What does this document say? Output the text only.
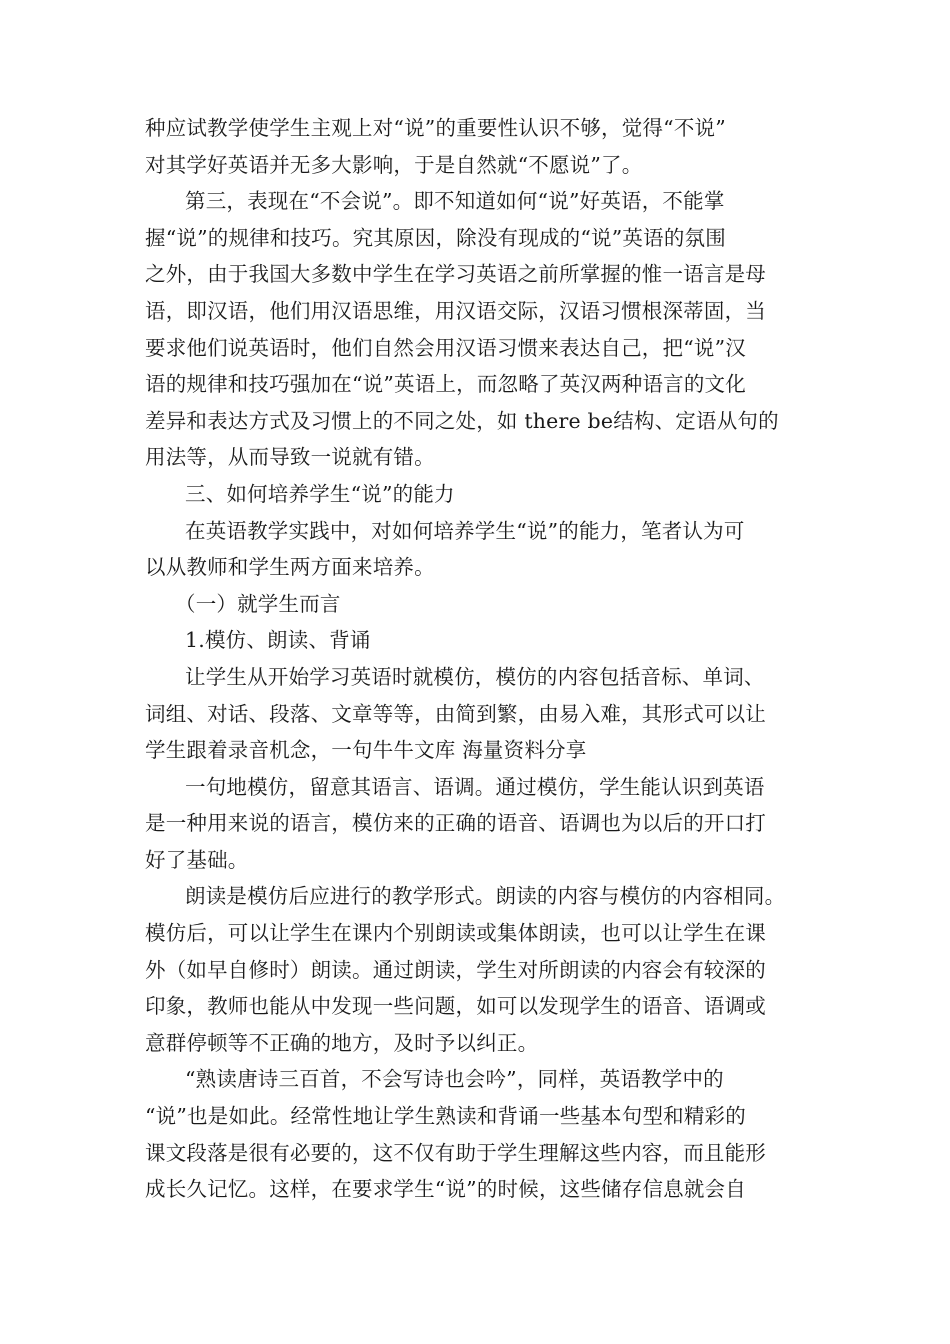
种应试教学使学生主观上对“说”的重要性认识不够，觉得“不说”
对其学好英语并无多大影响，于是自然就“不愿说”了。
第三，表现在“不会说”。即不知道如何“说”好英语，不能掌
握“说”的规律和技巧。究其原因，除没有现成的“说”英语的氛围
之外，由于我国大多数中学生在学习英语之前所掌握的惟一语言是母
语，即汉语，他们用汉语思维，用汉语交际，汉语习惯根深蒂固，当
要求他们说英语时，他们自然会用汉语习惯来表达自己，把“说”汉
语的规律和技巧强加在“说”英语上，而忽略了英汉两种语言的文化
差异和表达方式及习惯上的不同之处，如 there be结构、定语从句的
用法等，从而导致一说就有错。
三、如何培养学生“说”的能力
在英语教学实践中，对如何培养学生“说”的能力，笔者认为可
以从教师和学生两方面来培养。
（一）就学生而言
1.模仿、朗读、背诵
让学生从开始学习英语时就模仿，模仿的内容包括音标、单词、
词组、对话、段落、文章等等，由简到繁，由易入难，其形式可以让
学生跟着录音机念，一句牛牛文库 海量资料分享
一句地模仿，留意其语言、语调。通过模仿，学生能认识到英语
是一种用来说的语言，模仿来的正确的语音、语调也为以后的开口打
好了基础。
朗读是模仿后应进行的教学形式。朗读的内容与模仿的内容相同。
模仿后，可以让学生在课内个别朗读或集体朗读，也可以让学生在课
外（如早自修时）朗读。通过朗读，学生对所朗读的内容会有较深的
印象，教师也能从中发现一些问题，如可以发现学生的语音、语调或
意群停顿等不正确的地方，及时予以纠正。
“熟读唐诗三百首，不会写诗也会吟”，同样，英语教学中的
“说”也是如此。经常性地让学生熟读和背诵一些基本句型和精彩的
课文段落是很有必要的，这不仅有助于学生理解这些内容，而且能形
成长久记忆。这样，在要求学生“说”的时候，这些储存信息就会自
